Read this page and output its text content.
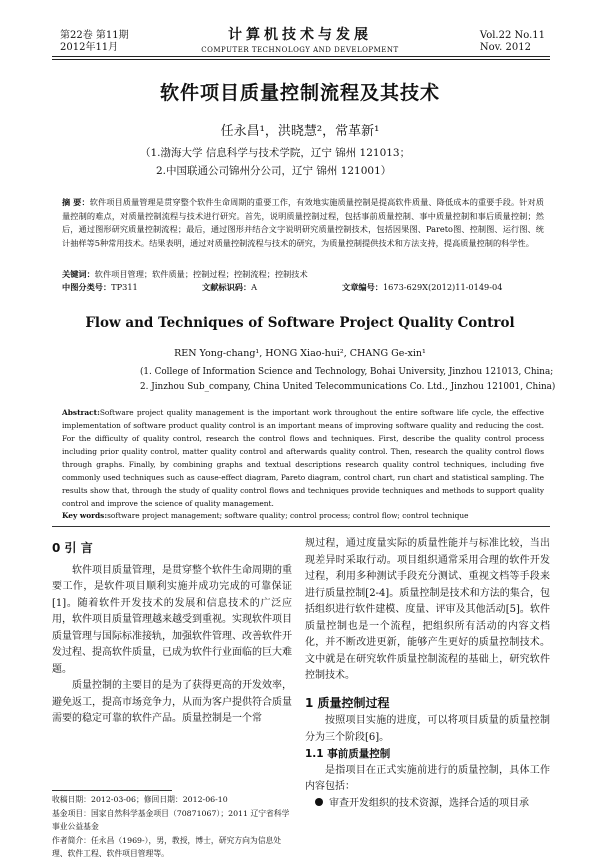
第22卷 第11期
2012年11月
计算机技术与发展
COMPUTER TECHNOLOGY AND DEVELOPMENT
Vol.22 No.11
Nov. 2012
软件项目质量控制流程及其技术
任永昌¹，洪晓慧²，常革新¹
（1.渤海大学 信息科学与技术学院，辽宁 锦州 121013；
2.中国联通公司锦州分公司，辽宁 锦州 121001）
摘 要：软件项目质量管理是贯穿整个软件生命周期的重要工作，有效地实施质量控制是提高软件质量、降低成本的重要手段。针对质量控制的难点，对质量控制流程与技术进行研究。首先，说明质量控制过程，包括事前质量控制、事中质量控制和事后质量控制；然后，通过图形研究质量控制流程；最后，通过图形并结合文字说明研究质量控制技术，包括因果图、Pareto图、控制图、运行图、统计抽样等5种常用技术。结果表明，通过对质量控制流程与技术的研究，为质量控制提供技术和方法支持，提高质量控制的科学性。
关键词：软件项目管理；软件质量；控制过程；控制流程；控制技术
中图分类号：TP311	文献标识码：A	文章编号：1673-629X(2012)11-0149-04
Flow and Techniques of Software Project Quality Control
REN Yong-chang¹, HONG Xiao-hui², CHANG Ge-xin¹
(1. College of Information Science and Technology, Bohai University, Jinzhou 121013, China;
2. Jinzhou Sub_company, China United Telecommunications Co. Ltd., Jinzhou 121001, China)
Abstract:Software project quality management is the important work throughout the entire software life cycle, the effective implementation of software product quality control is an important means of improving software quality and reducing the cost. For the difficulty of quality control, research the control flows and techniques. First, describe the quality control process including prior quality control, matter quality control and afterwards quality control. Then, research the quality control flows through graphs. Finally, by combining graphs and textual descriptions research quality control techniques, including five commonly used techniques such as cause-effect diagram, Pareto diagram, control chart, run chart and statistical sampling. The results show that, through the study of quality control flows and techniques provide techniques and methods to support quality control and improve the science of quality management.
Key words:software project management; software quality; control process; control flow; control technique
0 引 言

软件项目质量管理，是贯穿整个软件生命周期的重要工作，是软件项目顺利实施并成功完成的可靠保证[1]。随着软件开发技术的发展和信息技术的广泛应用，软件项目质量管理越来越受到重视。实现软件项目质量管理与国际标准接轨，加强软件管理、改善软件开发过程、提高软件质量，已成为软件行业面临的巨大难题。

质量控制的主要目的是为了获得更高的开发效率，避免返工，提高市场竞争力，从而为客户提供符合质量需要的稳定可靠的软件产品。质量控制是一个常

规过程，通过度量实际的质量性能并与标准比较，当出现差异时采取行动。项目组织通常采用合理的软件开发过程，利用多种测试手段充分测试、重视文档等手段来进行质量控制[2-4]。质量控制是技术和方法的集合，包括组织进行软件建模、度量、评审及其他活动[5]。软件质量控制也是一个流程，把组织所有活动的内容文档化，并不断改进更新，能够产生更好的质量控制技术。文中就是在研究软件质量控制流程的基础上，研究软件控制技术。

1 质量控制过程

按照项目实施的进度，可以将项目质量的质量控制分为三个阶段[6]。

1.1 事前质量控制

是指项目在正式实施前进行的质量控制，具体工作内容包括：

审查开发组织的技术资源，选择合适的项目承

收稿日期：2012-03-06；修回日期：2012-06-10
基金项目：国家自然科学基金项目（70871067）；2011 辽宁省科学事业公益基金
作者简介：任永昌（1969-），男，教授，博士，研究方向为信息处理、软件工程、软件项目管理等。
